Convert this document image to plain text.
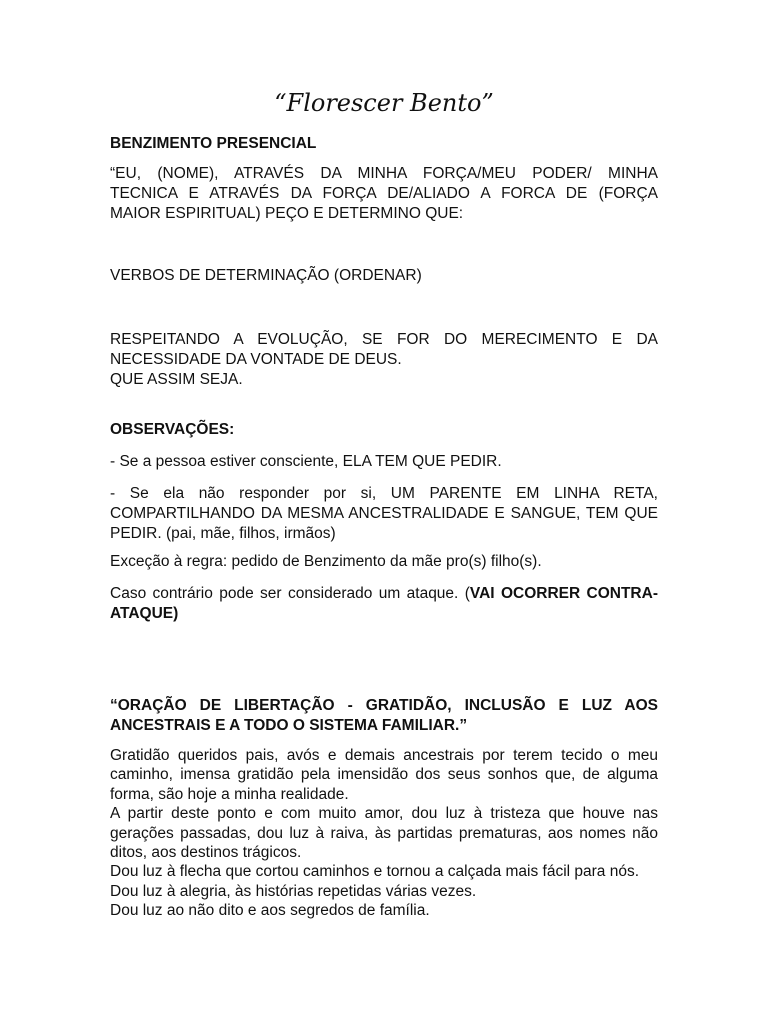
“Florescer Bento”
BENZIMENTO PRESENCIAL
“EU, (NOME), ATRAVÉS DA MINHA FORÇA/MEU PODER/ MINHA
TECNICA E ATRAVÉS DA FORÇA DE/ALIADO A FORCA DE (FORÇA
MAIOR ESPIRITUAL) PEÇO E DETERMINO QUE:
VERBOS DE DETERMINAÇÃO (ORDENAR)
RESPEITANDO A EVOLUÇÃO, SE FOR DO MERECIMENTO E DA
NECESSIDADE DA VONTADE DE DEUS.
QUE ASSIM SEJA.
OBSERVAÇÕES:
- Se a pessoa estiver consciente, ELA TEM QUE PEDIR.
- Se ela não responder por si, UM PARENTE EM LINHA RETA,
COMPARTILHANDO DA MESMA ANCESTRALIDADE E SANGUE, TEM QUE
PEDIR. (pai, mãe, filhos, irmãos)
Exceção à regra: pedido de Benzimento da mãe pro(s) filho(s).
Caso contrário pode ser considerado um ataque. (VAI OCORRER CONTRA-
ATAQUE)
“ORAÇÃO DE LIBERTAÇÃO - GRATIDÃO, INCLUSÃO E LUZ AOS
ANCESTRAIS E A TODO O SISTEMA FAMILIAR.”
Gratidão queridos pais, avós e demais ancestrais por terem tecido o meu
caminho, imensa gratidão pela imensidão dos seus sonhos que, de alguma
forma, são hoje a minha realidade.
A partir deste ponto e com muito amor, dou luz à tristeza que houve nas
gerações passadas, dou luz à raiva, às partidas prematuras, aos nomes não
ditos, aos destinos trágicos.
Dou luz à flecha que cortou caminhos e tornou a calçada mais fácil para nós.
Dou luz à alegria, às histórias repetidas várias vezes.
Dou luz ao não dito e aos segredos de família.
